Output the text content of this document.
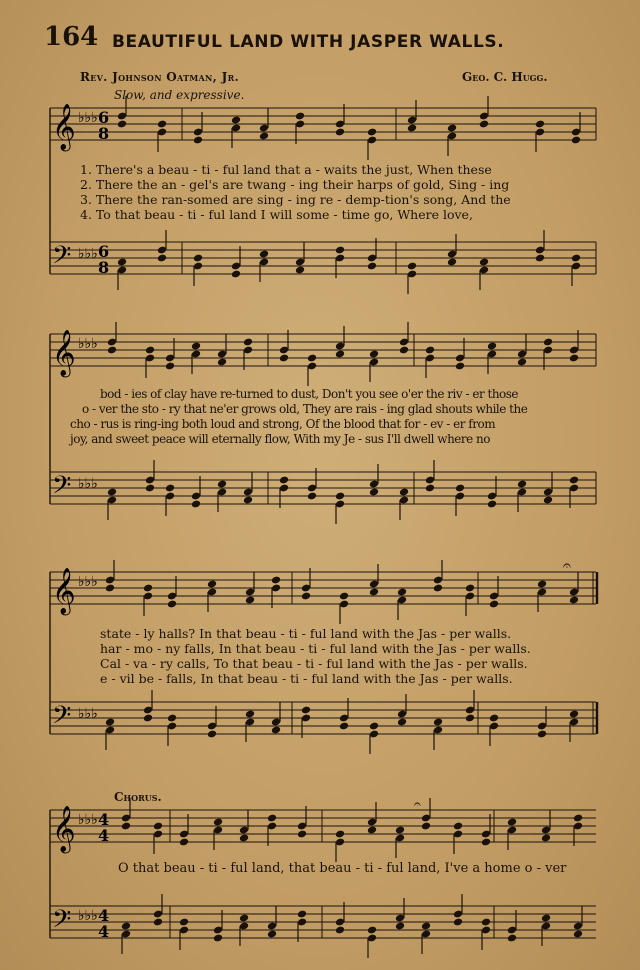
164 BEAUTIFUL LAND WITH JASPER WALLS.
Rev. Johnson Oatman, Jr.	Geo. C. Hugg.
Slow, and expressive.
𝄞
𝄢
♭♭♭
♭♭♭
6
8
6
8
1. There's a beau - ti - ful land that a - waits the just, When these
2. There the an - gel's are twang - ing their harps of gold, Sing - ing
3. There the ran-somed are sing - ing re - demp-tion's song, And the
4. To that beau - ti - ful land I will some - time go, Where love,
𝄞
𝄢
♭♭♭
♭♭♭
bod - ies of clay have re-turned to dust, Don't you see o'er the riv - er those
o - ver the sto - ry that ne'er grows old, They are rais - ing glad shouts while the
cho - rus is ring-ing both loud and strong, Of the blood that for - ev - er from
joy, and sweet peace will eternally flow, With my Je - sus I'll dwell where no
𝄞
𝄢
♭♭♭
♭♭♭
𝄐
state - ly halls? In that beau - ti - ful land with the Jas - per walls.
har - mo - ny falls, In that beau - ti - ful land with the Jas - per walls.
Cal - va - ry calls, To that beau - ti - ful land with the Jas - per walls.
e - vil be - falls, In that beau - ti - ful land with the Jas - per walls.
Chorus.
𝄞
𝄢
♭♭♭
♭♭♭
4
4
4
4
𝄐
O that beau - ti - ful land, that beau - ti - ful land, I've a home o - ver
